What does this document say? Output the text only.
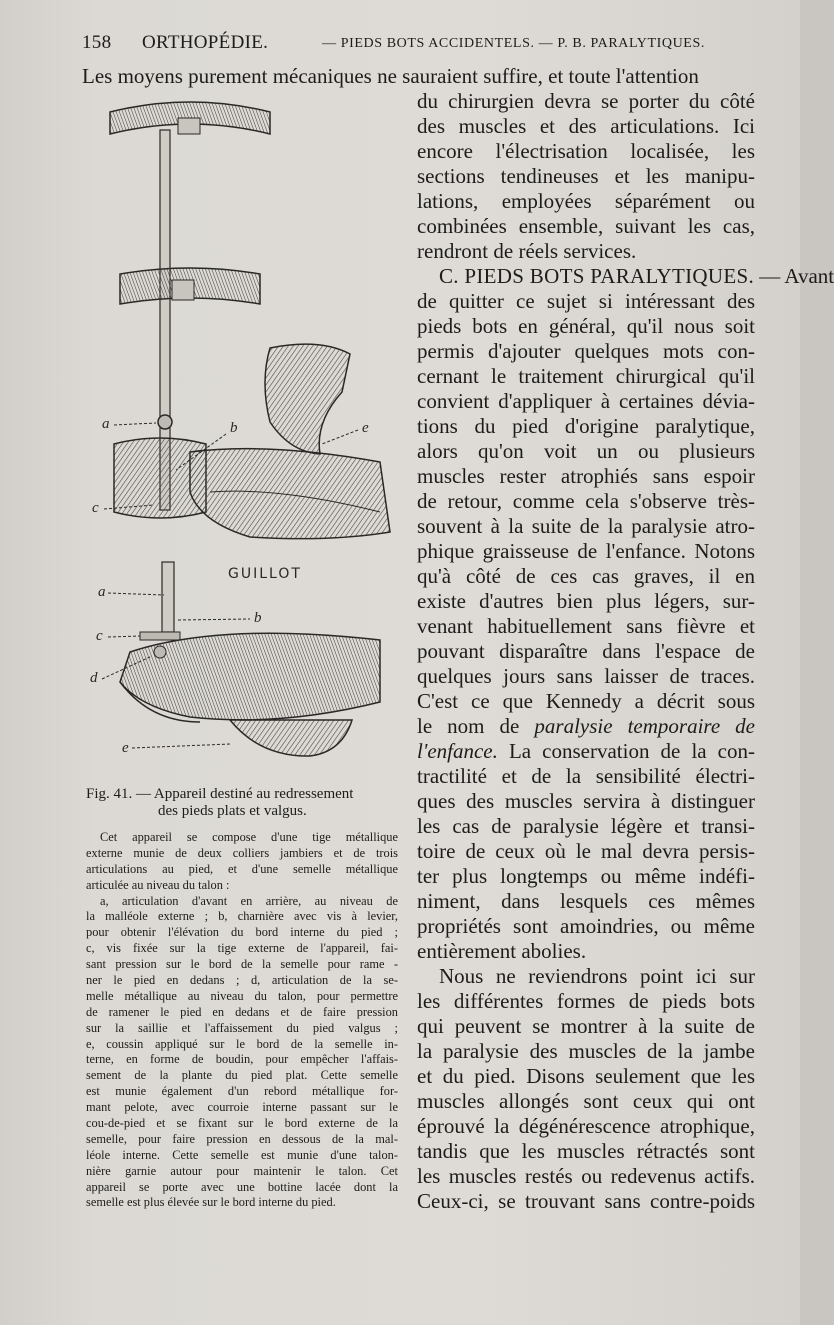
158 ORTHOPÉDIE.	— PIEDS BOTS ACCIDENTELS. — P. B. PARALYTIQUES.
Les moyens purement mécaniques ne sauraient suffire, et toute l'attention
du chirurgien devra se porter du côté
des muscles et des articulations. Ici
encore l'électrisation localisée, les
sections tendineuses et les manipu-
lations, employées séparément ou
combinées ensemble, suivant les cas,
rendront de réels services.
C. PIEDS BOTS PARALYTIQUES. — Avant
de quitter ce sujet si intéressant des
pieds bots en général, qu'il nous soit
permis d'ajouter quelques mots con-
cernant le traitement chirurgical qu'il
convient d'appliquer à certaines dévia-
tions du pied d'origine paralytique,
alors qu'on voit un ou plusieurs
muscles rester atrophiés sans espoir
de retour, comme cela s'observe très-
souvent à la suite de la paralysie atro-
phique graisseuse de l'enfance. Notons
qu'à côté de ces cas graves, il en
existe d'autres bien plus légers, sur-
venant habituellement sans fièvre et
pouvant disparaître dans l'espace de
quelques jours sans laisser de traces.
C'est ce que Kennedy a décrit sous
le nom de paralysie temporaire de
l'enfance. La conservation de la con-
tractilité et de la sensibilité électri-
ques des muscles servira à distinguer
les cas de paralysie légère et transi-
toire de ceux où le mal devra persis-
ter plus longtemps ou même indéfi-
niment, dans lesquels ces mêmes
propriétés sont amoindries, ou même
entièrement abolies.
Nous ne reviendrons point ici sur
les différentes formes de pieds bots
qui peuvent se montrer à la suite de
la paralysie des muscles de la jambe
et du pied. Disons seulement que les
muscles allongés sont ceux qui ont
éprouvé la dégénérescence atrophique,
tandis que les muscles rétractés sont
les muscles restés ou redevenus actifs.
Ceux-ci, se trouvant sans contre-poids
a	b	e
c
GUILLOT
a
b
c
d
e
Fig. 41. — Appareil destiné au redressement
des pieds plats et valgus.
Cet appareil se compose d'une tige métallique
externe munie de deux colliers jambiers et de trois
articulations au pied, et d'une semelle métallique
articulée au niveau du talon :
a, articulation d'avant en arrière, au niveau de
la malléole externe ; b, charnière avec vis à levier,
pour obtenir l'élévation du bord interne du pied ;
c, vis fixée sur la tige externe de l'appareil, fai-
sant pression sur le bord de la semelle pour rame -
ner le pied en dedans ; d, articulation de la se-
melle métallique au niveau du talon, pour permettre
de ramener le pied en dedans et de faire pression
sur la saillie et l'affaissement du pied valgus ;
e, coussin appliqué sur le bord de la semelle in-
terne, en forme de boudin, pour empêcher l'affais-
sement de la plante du pied plat. Cette semelle
est munie également d'un rebord métallique for-
mant pelote, avec courroie interne passant sur le
cou-de-pied et se fixant sur le bord externe de la
semelle, pour faire pression en dessous de la mal-
léole interne. Cette semelle est munie d'une talon-
nière garnie autour pour maintenir le talon. Cet
appareil se porte avec une bottine lacée dont la
semelle est plus élevée sur le bord interne du pied.
